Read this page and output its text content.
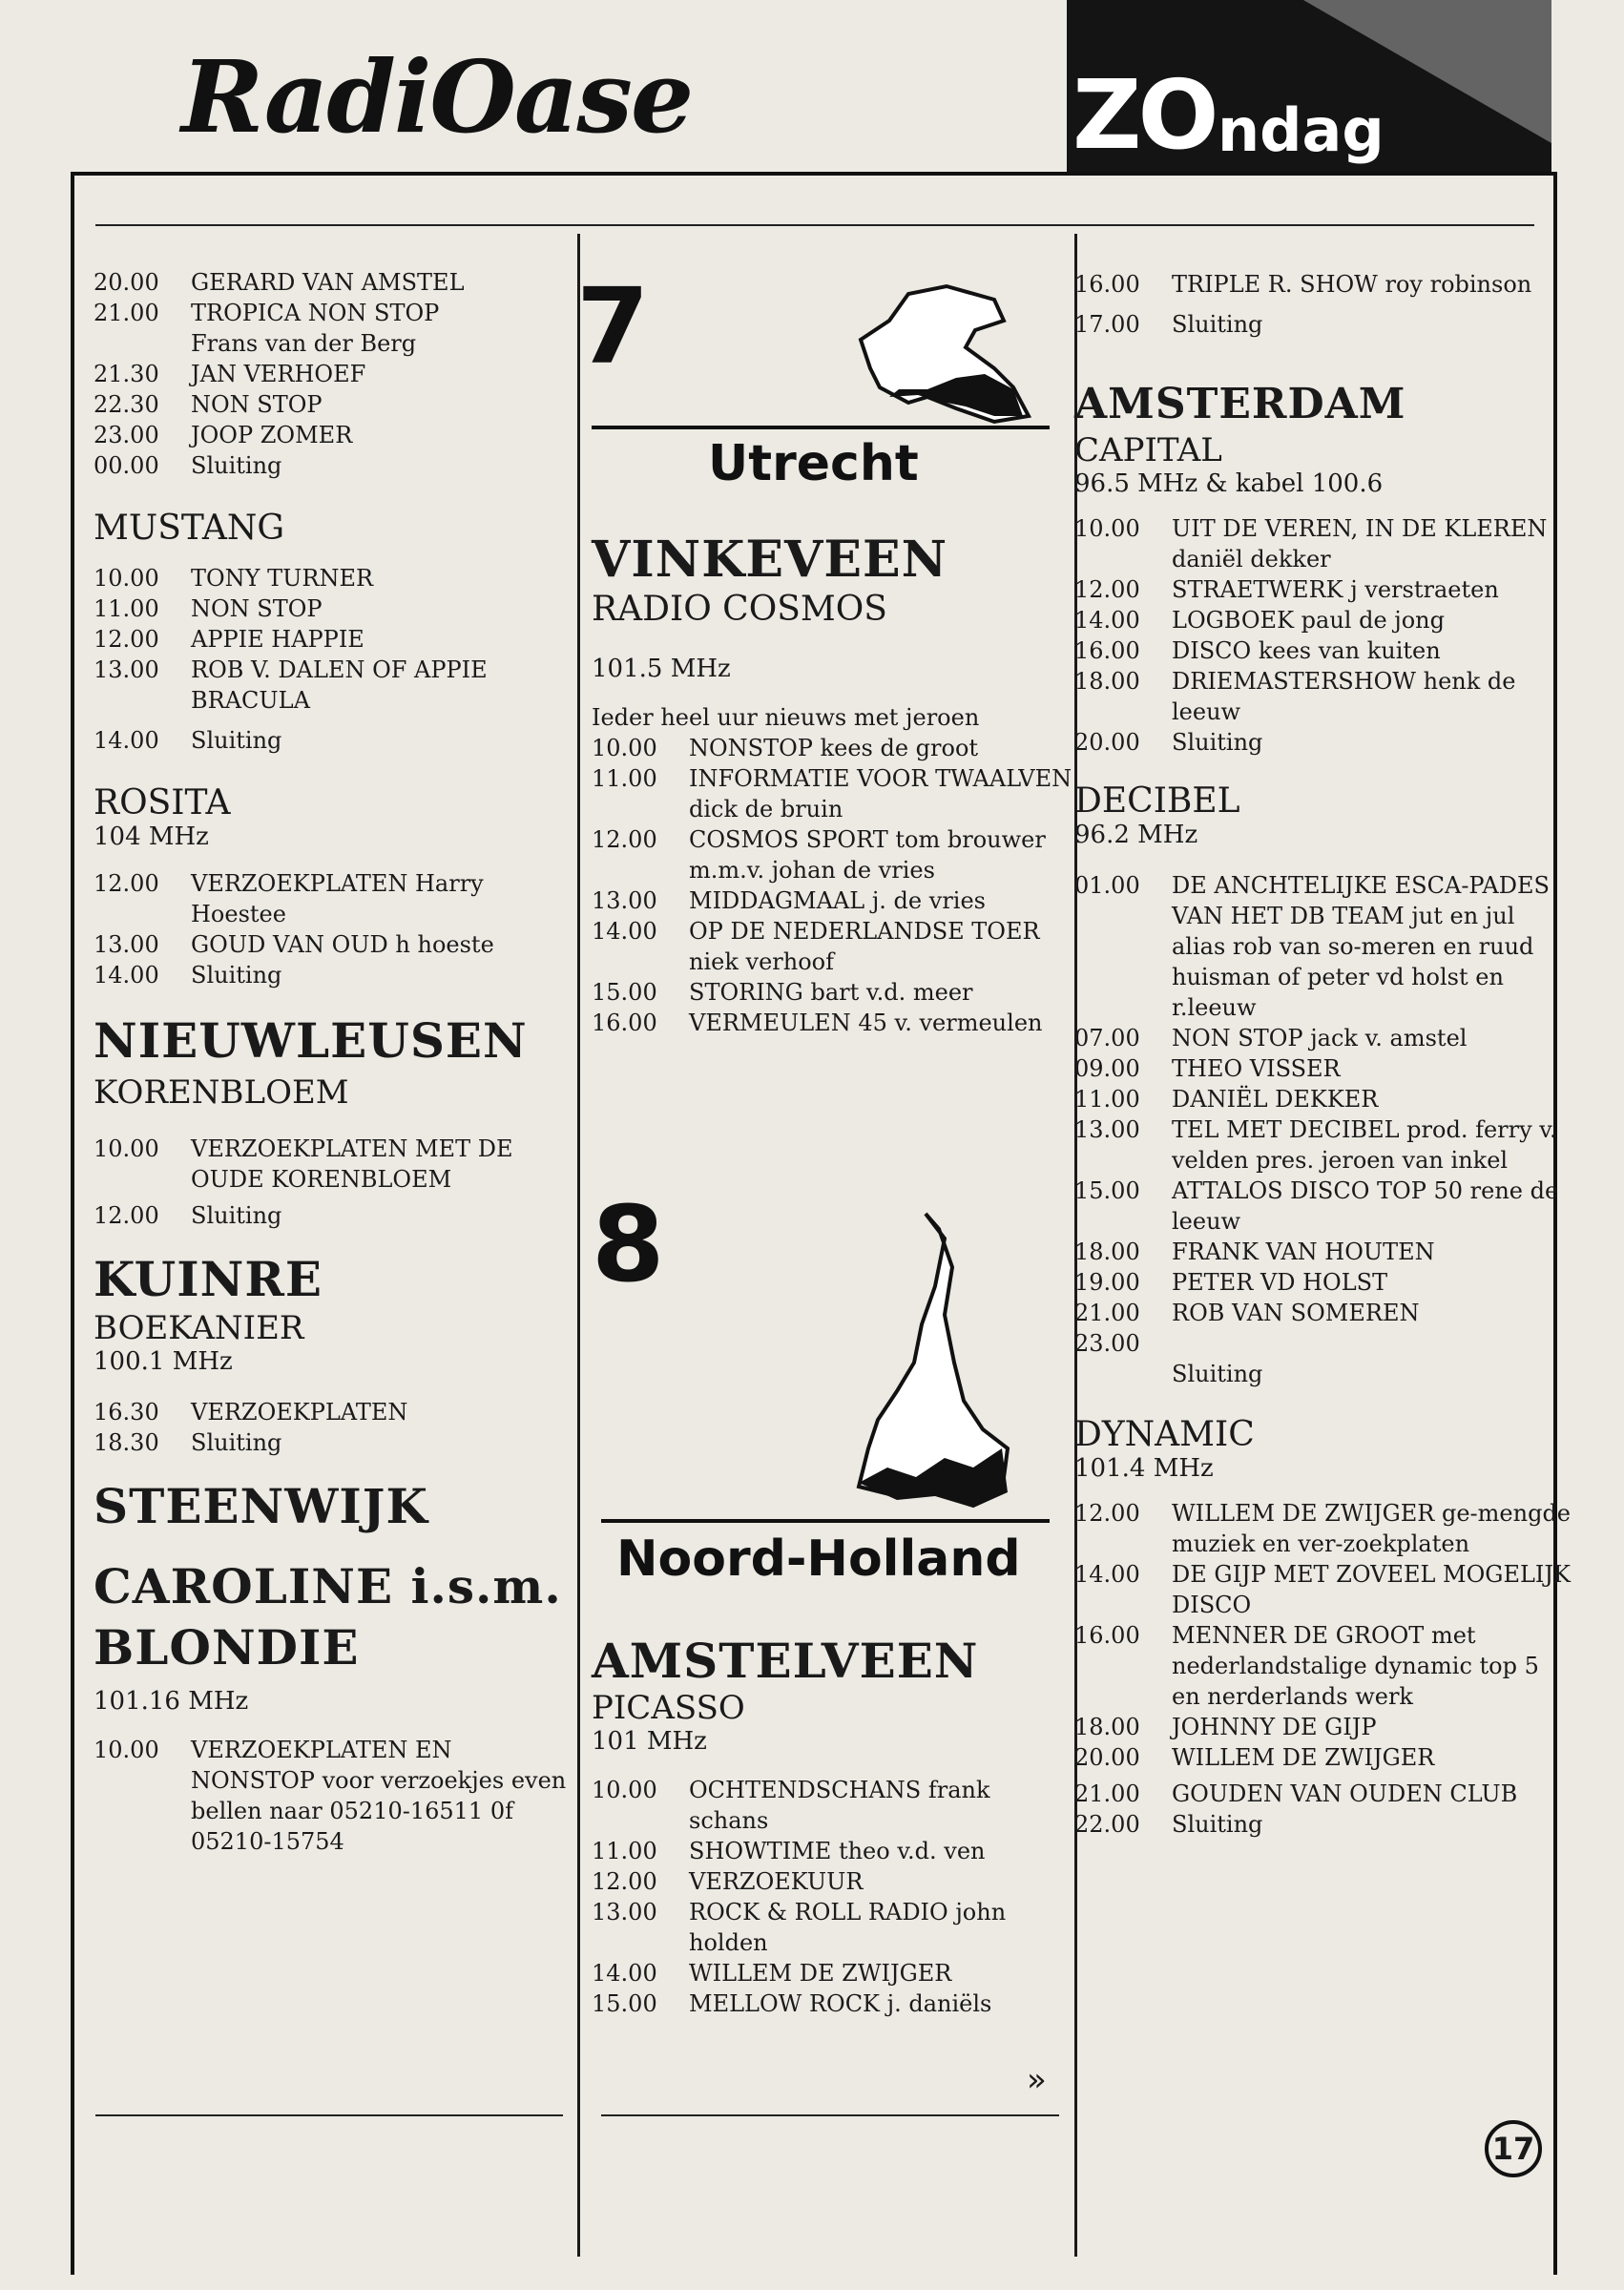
RadiOase	ZO ndag
20.00	GERARD VAN AMSTEL
21.00	TROPICA NON STOP
Frans van der Berg
21.30	JAN VERHOEF
22.30	NON STOP
23.00	JOOP ZOMER
00.00	Sluiting
MUSTANG
10.00	TONY TURNER
11.00	NON STOP
12.00	APPIE HAPPIE
13.00	ROB V. DALEN OF APPIE BRACULA
14.00	Sluiting
ROSITA
104 MHz
12.00	VERZOEKPLATEN Harry Hoestee
13.00	GOUD VAN OUD h hoeste
14.00	Sluiting
NIEUWLEUSEN
KORENBLOEM
10.00	VERZOEKPLATEN MET DE OUDE KORENBLOEM
12.00	Sluiting
KUINRE
BOEKANIER
100.1 MHz
16.30	VERZOEKPLATEN
18.30	Sluiting
STEENWIJK
CAROLINE i.s.m.
BLONDIE
101.16 MHz
10.00	VERZOEKPLATEN EN NONSTOP voor verzoekjes even bellen naar 05210-16511 0f 05210-15754
7
Utrecht
VINKEVEEN
RADIO COSMOS
101.5 MHz
Ieder heel uur nieuws met jeroen
10.00	NONSTOP kees de groot
11.00	INFORMATIE VOOR TWAALVEN dick de bruin
12.00	COSMOS SPORT tom brouwer m.m.v. johan de vries
13.00	MIDDAGMAAL j. de vries
14.00	OP DE NEDERLANDSE TOER niek verhoof
15.00	STORING bart v.d. meer
16.00	VERMEULEN 45 v. vermeulen
8
Noord-Holland
AMSTELVEEN
PICASSO
101 MHz
10.00	OCHTENDSCHANS frank schans
11.00	SHOWTIME theo v.d. ven
12.00	VERZOEKUUR
13.00	ROCK & ROLL RADIO john holden
14.00	WILLEM DE ZWIJGER
15.00	MELLOW ROCK j. daniëls
»
16.00	TRIPLE R. SHOW roy robinson
17.00	Sluiting
AMSTERDAM
CAPITAL
96.5 MHz & kabel 100.6
10.00	UIT DE VEREN, IN DE KLEREN daniël dekker
12.00	STRAETWERK j verstraeten
14.00	LOGBOEK paul de jong
16.00	DISCO kees van kuiten
18.00	DRIEMASTERSHOW henk de leeuw
20.00	Sluiting
DECIBEL
96.2 MHz
01.00	DE ANCHTELIJKE ESCA-PADES VAN HET DB TEAM jut en jul alias rob van so-meren en ruud huisman of peter vd holst en r.leeuw
07.00	NON STOP jack v. amstel
09.00	THEO VISSER
11.00	DANIËL DEKKER
13.00	TEL MET DECIBEL prod. ferry v. velden pres. jeroen van inkel
15.00	ATTALOS DISCO TOP 50 rene de leeuw
18.00	FRANK VAN HOUTEN
19.00	PETER VD HOLST
21.00	ROB VAN SOMEREN
23.00
Sluiting
DYNAMIC
101.4 MHz
12.00	WILLEM DE ZWIJGER ge-mengde muziek en ver-zoekplaten
14.00	DE GIJP MET ZOVEEL MOGELIJK DISCO
16.00	MENNER DE GROOT met nederlandstalige dynamic top 5 en nerderlands werk
18.00	JOHNNY DE GIJP
20.00	WILLEM DE ZWIJGER
21.00	GOUDEN VAN OUDEN CLUB
22.00	Sluiting
17
